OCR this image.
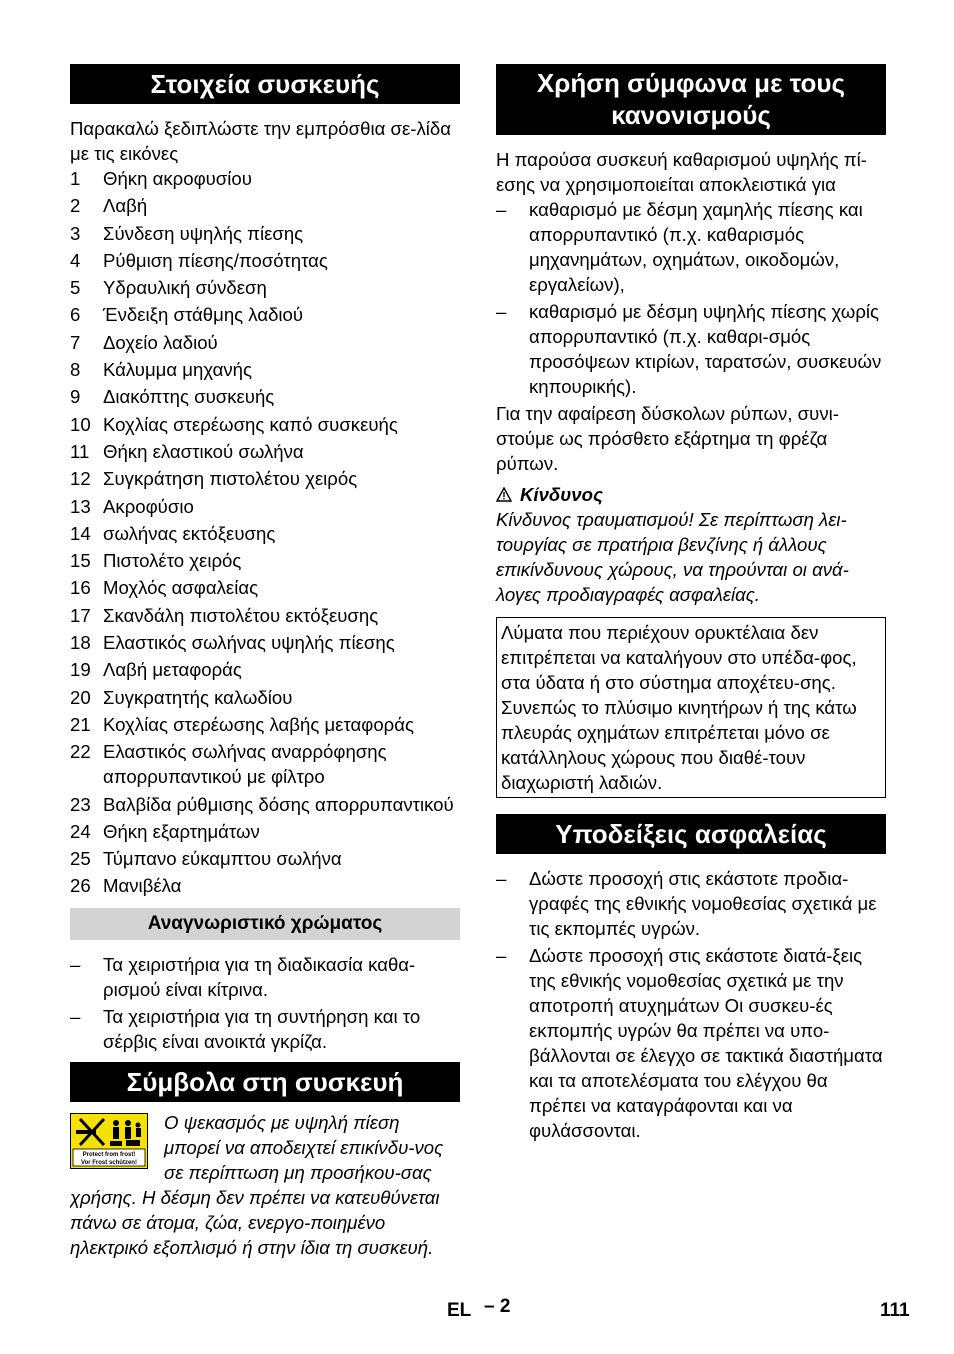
Στοιχεία συσκευής

Παρακαλώ ξεδιπλώστε την εμπρόσθια σε-λίδα με τις εικόνες

1	Θήκη ακροφυσίου
2	Λαβή
3	Σύνδεση υψηλής πίεσης
4	Ρύθμιση πίεσης/ποσότητας
5	Υδραυλική σύνδεση
6	Ένδειξη στάθμης λαδιού
7	Δοχείο λαδιού
8	Κάλυμμα μηχανής
9	Διακόπτης συσκευής
10 Κοχλίας στερέωσης καπό συσκευής
11 Θήκη ελαστικού σωλήνα
12 Συγκράτηση πιστολέτου χειρός
13 Ακροφύσιο
14 σωλήνας εκτόξευσης
15 Πιστολέτο χειρός
16 Μοχλός ασφαλείας
17 Σκανδάλη πιστολέτου εκτόξευσης
18 Ελαστικός σωλήνας υψηλής πίεσης
19 Λαβή μεταφοράς
20 Συγκρατητής καλωδίου
21 Κοχλίας στερέωσης λαβής μεταφοράς
22 Ελαστικός σωλήνας αναρρόφησης απορρυπαντικού με φίλτρο
23 Βαλβίδα ρύθμισης δόσης απορρυπαντικού
24 Θήκη εξαρτημάτων
25 Τύμπανο εύκαμπτου σωλήνα
26 Μανιβέλα
Αναγνωριστικό χρώματος
–	Τα χειριστήρια για τη διαδικασία καθα-ρισμού είναι κίτρινα.
–	Τα χειριστήρια για τη συντήρηση και το σέρβις είναι ανοικτά γκρίζα.
Σύμβολα στη συσκευή
Protect from frost!
Vor Frost schützen!
Ο ψεκασμός με υψηλή πίεση μπορεί να αποδειχτεί επικίνδυ-νος σε περίπτωση μη προσήκου-σας χρήσης. Η δέσμη δεν πρέπει να κατευθύνεται πάνω σε άτομα, ζώα, ενεργο-ποιημένο ηλεκτρικό εξοπλισμό ή στην ίδια τη συσκευή.
Χρήση σύμφωνα με τους κανονισμούς

Η παρούσα συσκευή καθαρισμού υψηλής πί-εσης να χρησιμοποιείται αποκλειστικά για

–	καθαρισμό με δέσμη χαμηλής πίεσης και απορρυπαντικό (π.χ. καθαρισμός μηχανημάτων, οχημάτων, οικοδομών, εργαλείων),
–	καθαρισμό με δέσμη υψηλής πίεσης χωρίς απορρυπαντικό (π.χ. καθαρι-σμός προσόψεων κτιρίων, ταρατσών, συσκευών κηπουρικής).

Για την αφαίρεση δύσκολων ρύπων, συνι-στούμε ως πρόσθετο εξάρτημα τη φρέζα ρύπων.

Κίνδυνος

Κίνδυνος τραυματισμού! Σε περίπτωση λει-τουργίας σε πρατήρια βενζίνης ή άλλους επικίνδυνους χώρους, να τηρούνται οι ανά-λογες προδιαγραφές ασφαλείας.

Λύματα που περιέχουν ορυκτέλαια δεν επιτρέπεται να καταλήγουν στο υπέδα-φος, στα ύδατα ή στο σύστημα αποχέτευ-σης. Συνεπώς το πλύσιμο κινητήρων ή της κάτω πλευράς οχημάτων επιτρέπεται μόνο σε κατάλληλους χώρους που διαθέ-τουν διαχωριστή λαδιών.
Υποδείξεις ασφαλείας
–	Δώστε προσοχή στις εκάστοτε προδια-γραφές της εθνικής νομοθεσίας σχετικά με τις εκπομπές υγρών.
–	Δώστε προσοχή στις εκάστοτε διατά-ξεις της εθνικής νομοθεσίας σχετικά με την αποτροπή ατυχημάτων Οι συσκευ-ές εκπομπής υγρών θα πρέπει να υπο-βάλλονται σε έλεγχο σε τακτικά διαστήματα και τα αποτελέσματα του ελέγχου θα πρέπει να καταγράφονται και να φυλάσσονται.
EL – 2	111
